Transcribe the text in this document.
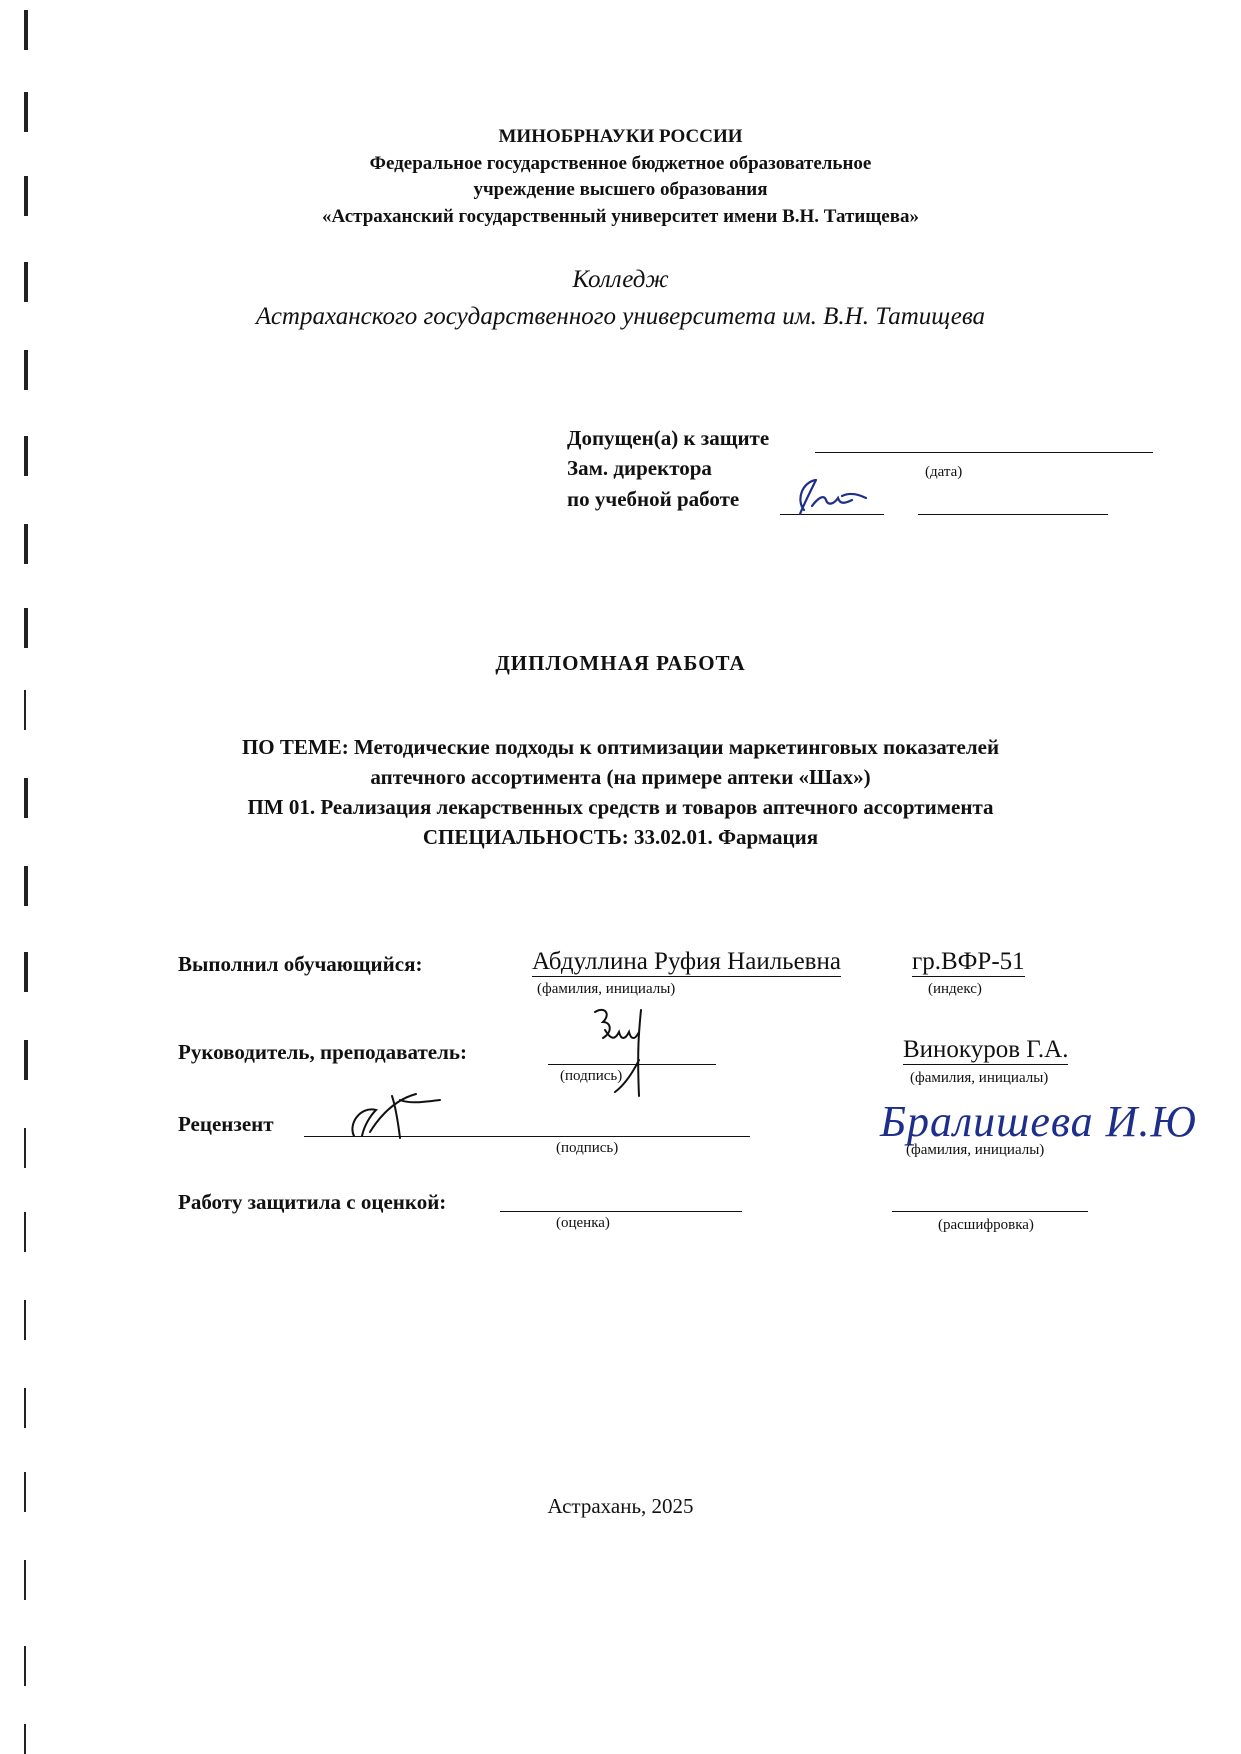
МИНОБРНАУКИ РОССИИ
Федеральное государственное бюджетное образовательное
учреждение высшего образования
«Астраханский государственный университет имени В.Н. Татищева»
Колледж
Астраханского государственного университета им. В.Н. Татищева
Допущен(а) к защите
Зам. директора	(дата)
по учебной работе
ДИПЛОМНАЯ РАБОТА
ПО ТЕМЕ: Методические подходы к оптимизации маркетинговых показателей
аптечного ассортимента (на примере аптеки «Шах»)
ПМ 01. Реализация лекарственных средств и товаров аптечного ассортимента
СПЕЦИАЛЬНОСТЬ: 33.02.01. Фармация
Выполнил обучающийся:	Абдуллина Руфия Наильевна
(фамилия, инициалы)
гр.ВФР-51
(индекс)
Руководитель, преподаватель:
(подпись)
Винокуров Г.А.
(фамилия, инициалы)
Рецензент
(подпись)
Бралишева И.Ю
(фамилия, инициалы)
Работу защитила с оценкой:
(оценка)	(расшифровка)
Астрахань, 2025
